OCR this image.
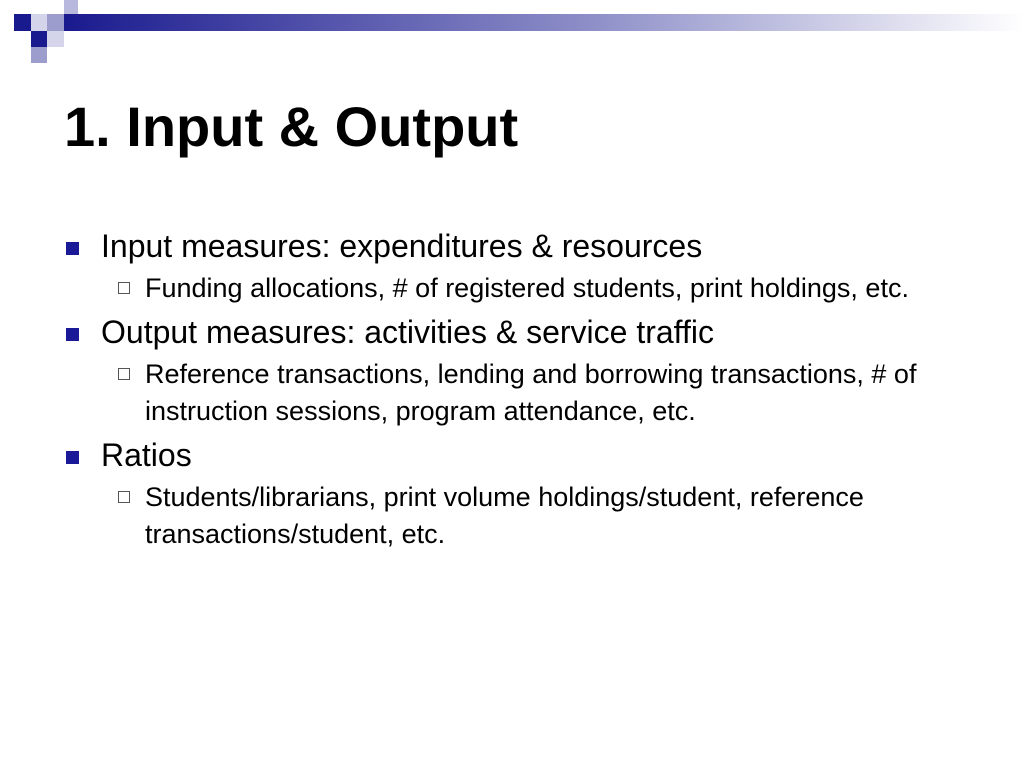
1. Input & Output
Input measures: expenditures & resources
Funding allocations, # of registered students, print holdings, etc.
Output measures: activities & service traffic
Reference transactions, lending and borrowing transactions, # of instruction sessions, program attendance, etc.
Ratios
Students/librarians, print volume holdings/student, reference transactions/student, etc.
